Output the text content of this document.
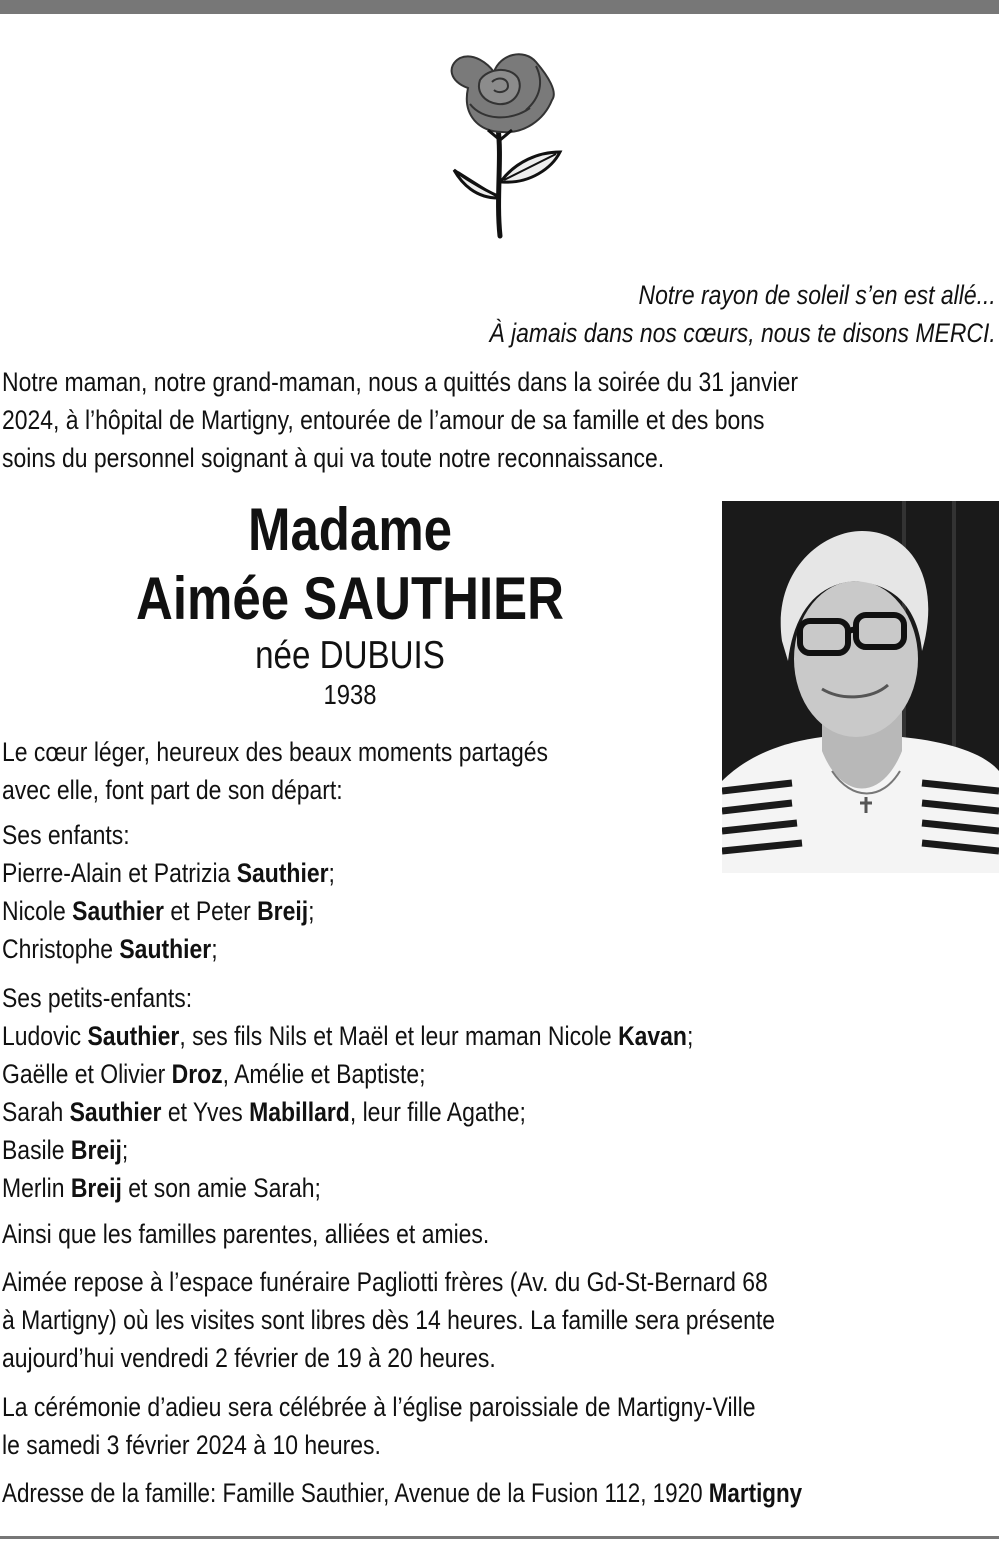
Notre rayon de soleil s’en est allé...
À jamais dans nos cœurs, nous te disons MERCI.
Notre maman, notre grand-maman, nous a quittés dans la soirée du 31 janvier
2024, à l’hôpital de Martigny, entourée de l’amour de sa famille et des bons
soins du personnel soignant à qui va toute notre reconnaissance.
Madame
Aimée SAUTHIER
née DUBUIS
1938
Le cœur léger, heureux des beaux moments partagés
avec elle, font part de son départ:
Ses enfants:
Pierre-Alain et Patrizia Sauthier;
Nicole Sauthier et Peter Breij;
Christophe Sauthier;
Ses petits-enfants:
Ludovic Sauthier, ses fils Nils et Maël et leur maman Nicole Kavan;
Gaëlle et Olivier Droz, Amélie et Baptiste;
Sarah Sauthier et Yves Mabillard, leur fille Agathe;
Basile Breij;
Merlin Breij et son amie Sarah;
Ainsi que les familles parentes, alliées et amies.
Aimée repose à l’espace funéraire Pagliotti frères (Av. du Gd-St-Bernard 68
à Martigny) où les visites sont libres dès 14 heures. La famille sera présente
aujourd’hui vendredi 2 février de 19 à 20 heures.
La cérémonie d’adieu sera célébrée à l’église paroissiale de Martigny-Ville
le samedi 3 février 2024 à 10 heures.
Adresse de la famille: Famille Sauthier, Avenue de la Fusion 112, 1920 Martigny
